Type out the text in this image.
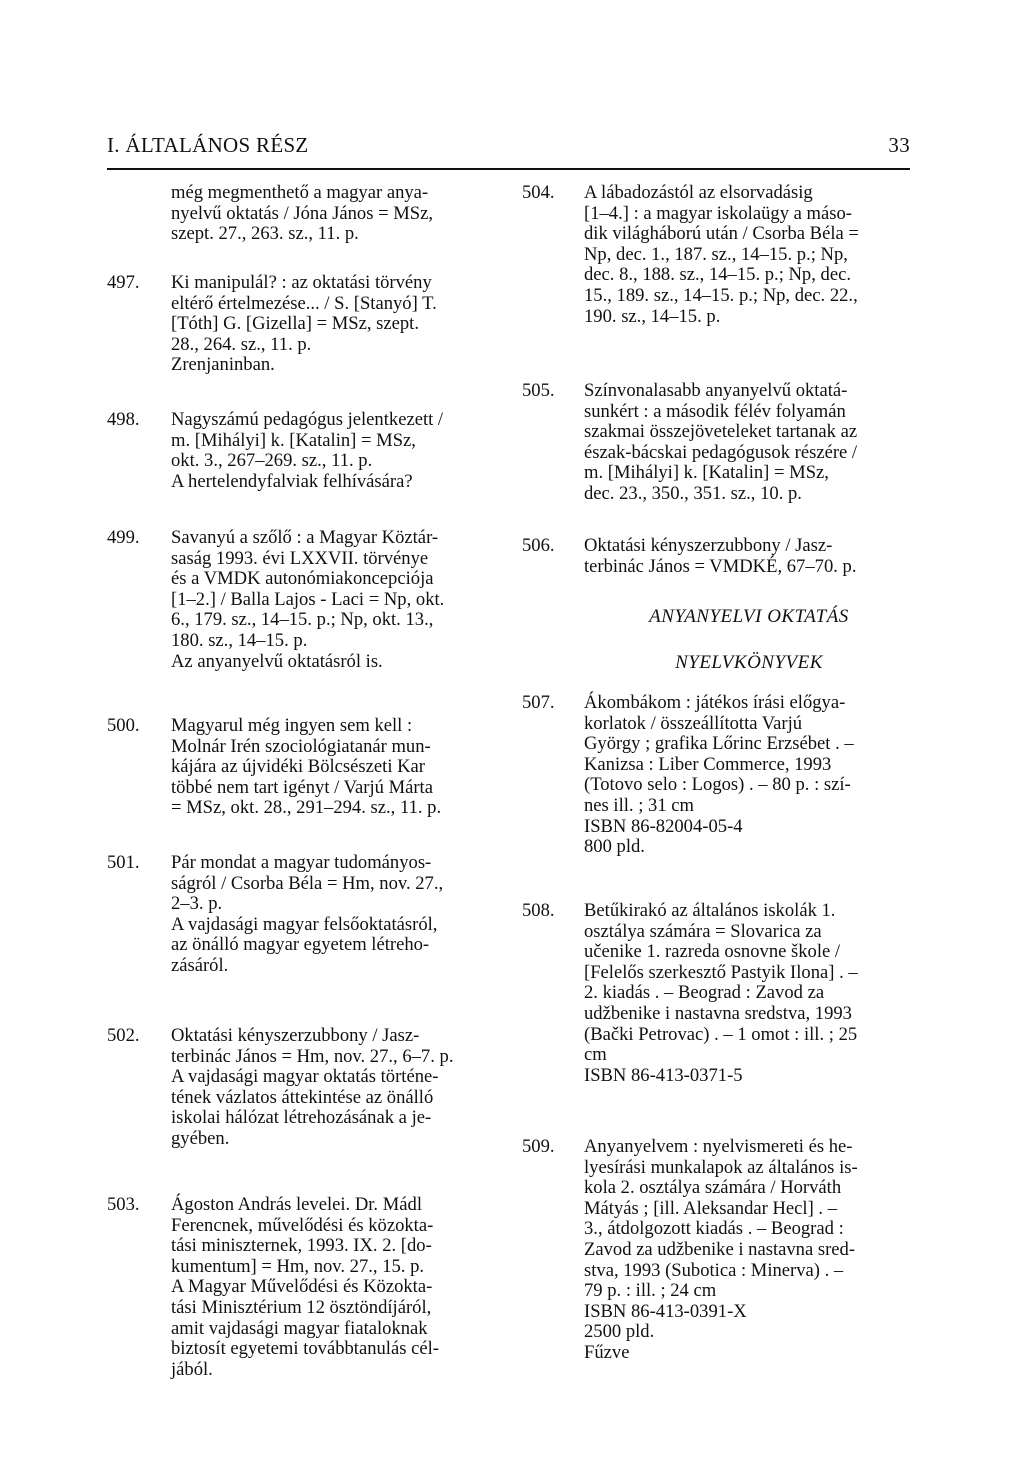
I. ÁLTALÁNOS RÉSZ	33
még megmenthető a magyar anya-
nyelvű oktatás / Jóna János = MSz,
szept. 27., 263. sz., 11. p.
497. Ki manipulál? : az oktatási törvény
eltérő értelmezése... / S. [Stanyó] T.
[Tóth] G. [Gizella] = MSz, szept.
28., 264. sz., 11. p.
Zrenjaninban.
498. Nagyszámú pedagógus jelentkezett /
m. [Mihályi] k. [Katalin] = MSz,
okt. 3., 267–269. sz., 11. p.
A hertelendyfalviak felhívására?
499. Savanyú a szőlő : a Magyar Köztár-
saság 1993. évi LXXVII. törvénye
és a VMDK autonómiakoncepciója
[1–2.] / Balla Lajos - Laci = Np, okt.
6., 179. sz., 14–15. p.; Np, okt. 13.,
180. sz., 14–15. p.
Az anyanyelvű oktatásról is.
500. Magyarul még ingyen sem kell :
Molnár Irén szociológiatanár mun-
kájára az újvidéki Bölcsészeti Kar
többé nem tart igényt / Varjú Márta
= MSz, okt. 28., 291–294. sz., 11. p.
501. Pár mondat a magyar tudományos-
ságról / Csorba Béla = Hm, nov. 27.,
2–3. p.
A vajdasági magyar felsőoktatásról,
az önálló magyar egyetem létreho-
zásáról.
502. Oktatási kényszerzubbony / Jasz-
terbinác János = Hm, nov. 27., 6–7. p.
A vajdasági magyar oktatás történe-
tének vázlatos áttekintése az önálló
iskolai hálózat létrehozásának a je-
gyében.
503. Ágoston András levelei. Dr. Mádl
Ferencnek, művelődési és közokta-
tási miniszternek, 1993. IX. 2. [do-
kumentum] = Hm, nov. 27., 15. p.
A Magyar Művelődési és Közokta-
tási Minisztérium 12 ösztöndíjáról,
amit vajdasági magyar fiataloknak
biztosít egyetemi továbbtanulás cél-
jából.
504. A lábadozástól az elsorvadásig
[1–4.] : a magyar iskolaügy a máso-
dik világháború után / Csorba Béla =
Np, dec. 1., 187. sz., 14–15. p.; Np,
dec. 8., 188. sz., 14–15. p.; Np, dec.
15., 189. sz., 14–15. p.; Np, dec. 22.,
190. sz., 14–15. p.
505. Színvonalasabb anyanyelvű oktatá-
sunkért : a második félév folyamán
szakmai összejöveteleket tartanak az
észak-bácskai pedagógusok részére /
m. [Mihályi] k. [Katalin] = MSz,
dec. 23., 350., 351. sz., 10. p.
506. Oktatási kényszerzubbony / Jasz-
terbinác János = VMDKÉ, 67–70. p.
ANYANYELVI OKTATÁS
NYELVKÖNYVEK
507. Ákombákom : játékos írási előgya-
korlatok / összeállította Varjú
György ; grafika Lőrinc Erzsébet . –
Kanizsa : Liber Commerce, 1993
(Totovo selo : Logos) . – 80 p. : szí-
nes ill. ; 31 cm
ISBN 86-82004-05-4
800 pld.
508. Betűkirakó az általános iskolák 1.
osztálya számára = Slovarica za
učenike 1. razreda osnovne škole /
[Felelős szerkesztő Pastyik Ilona] . –
2. kiadás . – Beograd : Zavod za
udžbenike i nastavna sredstva, 1993
(Bački Petrovac) . – 1 omot : ill. ; 25
cm
ISBN 86-413-0371-5
509. Anyanyelvem : nyelvismereti és he-
lyesírási munkalapok az általános is-
kola 2. osztálya számára / Horváth
Mátyás ; [ill. Aleksandar Hecl] . –
3., átdolgozott kiadás . – Beograd :
Zavod za udžbenike i nastavna sred-
stva, 1993 (Subotica : Minerva) . –
79 p. : ill. ; 24 cm
ISBN 86-413-0391-X
2500 pld.
Fűzve
